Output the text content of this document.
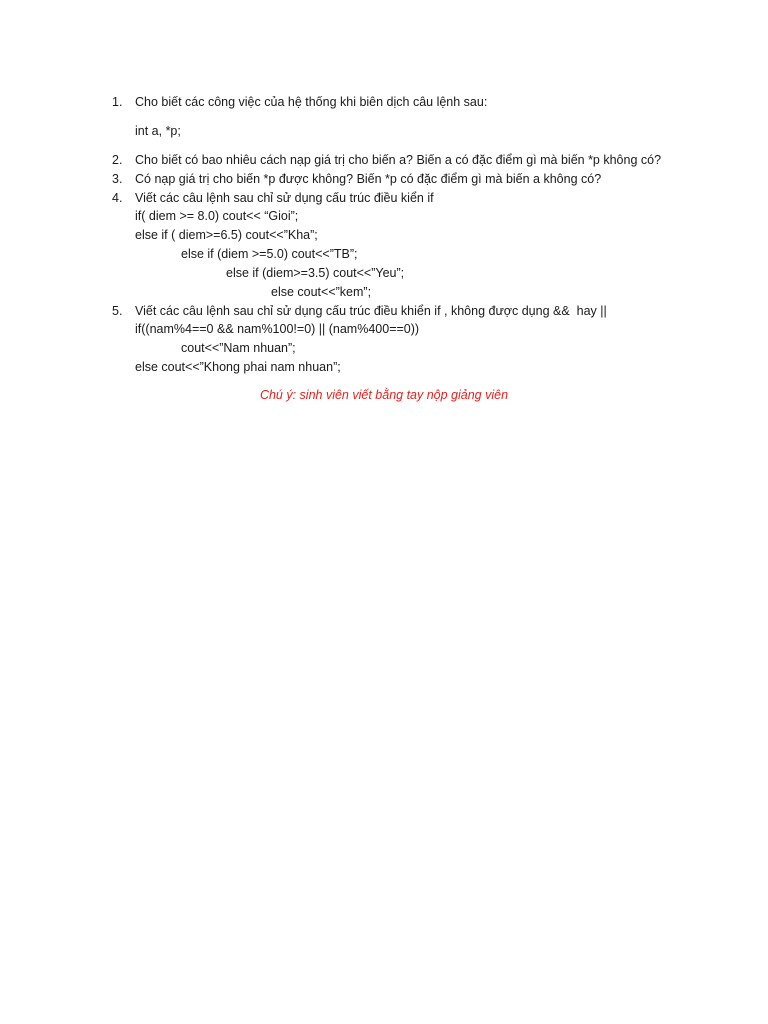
1. Cho biết các công việc của hệ thống khi biên dịch câu lệnh sau:
int a, *p;
2. Cho biết có bao nhiêu cách nạp giá trị cho biến a? Biến a có đặc điểm gì mà biến *p không có?
3. Có nạp giá trị cho biến *p được không? Biến *p có đặc điểm gì mà biến a không có?
4. Viết các câu lệnh sau chỉ sử dụng cấu trúc điều kiển if
if( diem >= 8.0) cout<< “Gioi”;
else if ( diem>=6.5) cout<<”Kha”;
else if (diem >=5.0) cout<<”TB”;
else if (diem>=3.5) cout<<”Yeu”;
else cout<<”kem”;
5. Viết các câu lệnh sau chỉ sử dụng cấu trúc điều khiển if , không được dụng &&  hay ||
if((nam%4==0 && nam%100!=0) || (nam%400==0))
cout<<”Nam nhuan”;
else cout<<”Khong phai nam nhuan”;
Chú ý: sinh viên viết bằng tay nộp giảng viên
